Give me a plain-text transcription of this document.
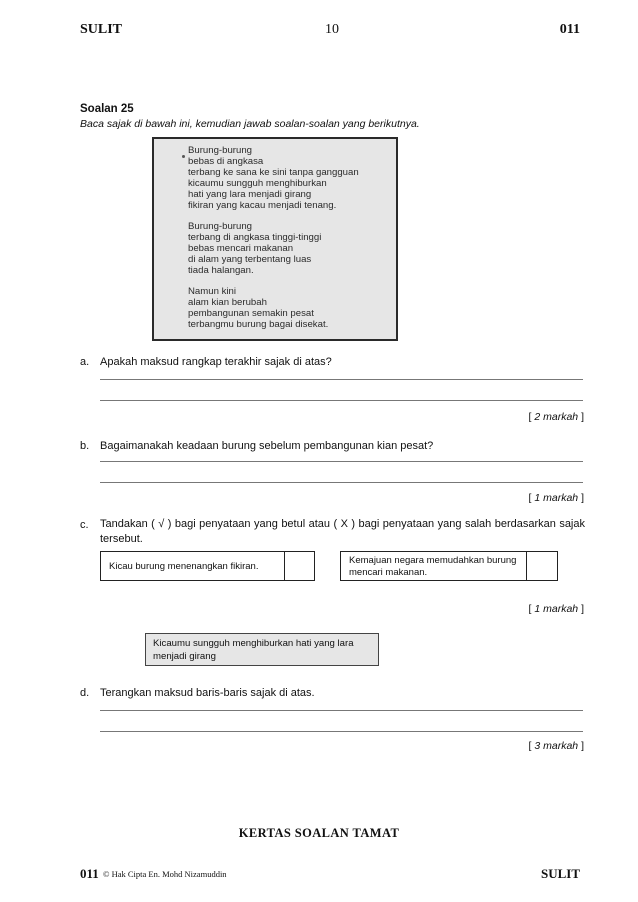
SULIT	10	011
Soalan 25
Baca sajak di bawah ini, kemudian jawab soalan-soalan yang berikutnya.
Burung-burung
bebas di angkasa
terbang ke sana ke sini tanpa gangguan
kicaumu sungguh menghiburkan
hati yang lara menjadi girang
fikiran yang kacau menjadi tenang.
Burung-burung
terbang di angkasa tinggi-tinggi
bebas mencari makanan
di alam yang terbentang luas
tiada halangan.
Namun kini
alam kian berubah
pembangunan semakin pesat
terbangmu burung bagai disekat.
a. Apakah maksud rangkap terakhir sajak di atas?
[ 2 markah ]
b. Bagaimanakah keadaan burung sebelum pembangunan kian pesat?
[ 1 markah ]
c. Tandakan ( √ ) bagi penyataan yang betul atau ( X ) bagi penyataan yang salah berdasarkan sajak tersebut.
Kicau burung menenangkan fikiran.
Kemajuan negara memudahkan burung mencari makanan.
[ 1 markah ]
Kicaumu sungguh menghiburkan hati yang lara menjadi girang
d. Terangkan maksud baris-baris sajak di atas.
[ 3 markah ]
KERTAS SOALAN TAMAT
011 © Hak Cipta En. Mohd Nizamuddin	SULIT
